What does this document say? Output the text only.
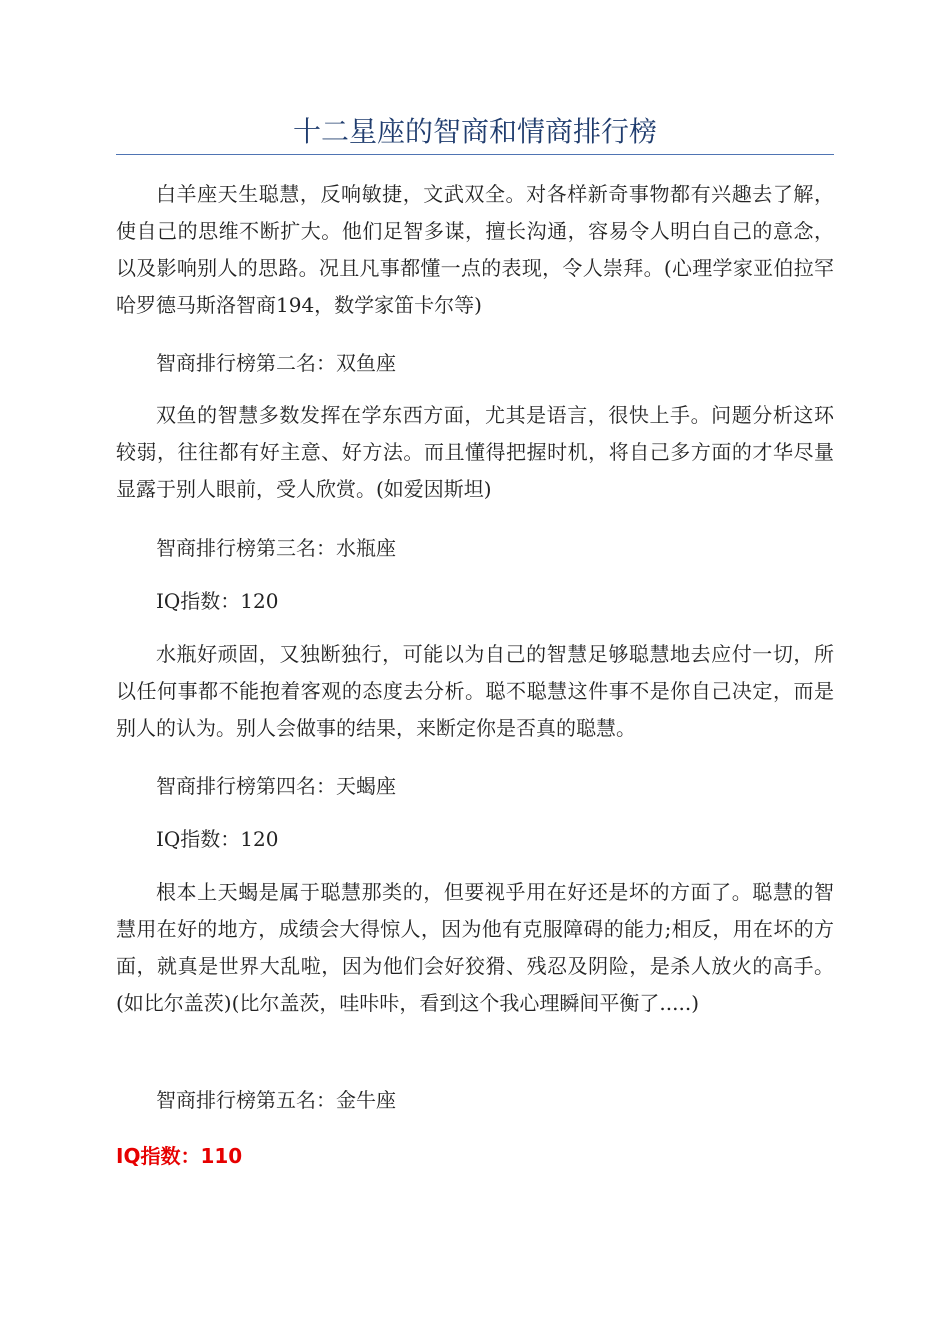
十二星座的智商和情商排行榜

白羊座天生聪慧，反响敏捷，文武双全。对各样新奇事物都有兴趣去了解，使自己的思维不断扩大。他们足智多谋，擅长沟通，容易令人明白自己的意念，以及影响别人的思路。况且凡事都懂一点的表现，令人崇拜。(心理学家亚伯拉罕哈罗德马斯洛智商194，数学家笛卡尔等)

智商排行榜第二名：双鱼座

双鱼的智慧多数发挥在学东西方面，尤其是语言，很快上手。问题分析这环较弱，往往都有好主意、好方法。而且懂得把握时机，将自己多方面的才华尽量显露于别人眼前，受人欣赏。(如爱因斯坦)

智商排行榜第三名：水瓶座

IQ指数：120

水瓶好顽固，又独断独行，可能以为自己的智慧足够聪慧地去应付一切，所以任何事都不能抱着客观的态度去分析。聪不聪慧这件事不是你自己决定，而是别人的认为。别人会做事的结果，来断定你是否真的聪慧。

智商排行榜第四名：天蝎座

IQ指数：120

根本上天蝎是属于聪慧那类的，但要视乎用在好还是坏的方面了。聪慧的智慧用在好的地方，成绩会大得惊人，因为他有克服障碍的能力;相反，用在坏的方面，就真是世界大乱啦，因为他们会好狡猾、残忍及阴险，是杀人放火的高手。(如比尔盖茨)(比尔盖茨，哇咔咔，看到这个我心理瞬间平衡了.....)

智商排行榜第五名：金牛座

IQ指数：110
